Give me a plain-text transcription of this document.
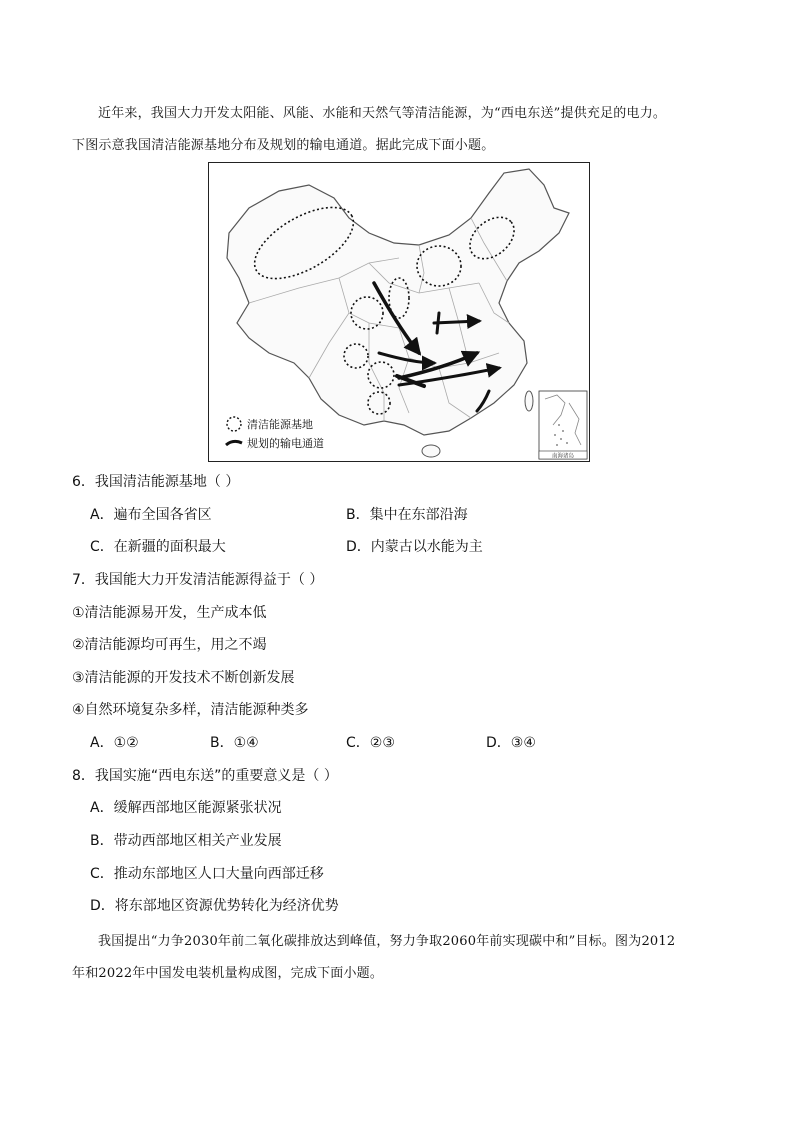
近年来，我国大力开发太阳能、风能、水能和天然气等清洁能源，为“西电东送”提供充足的电力。
下图示意我国清洁能源基地分布及规划的输电通道。据此完成下面小题。
清洁能源基地
规划的输电通道
南海诸岛
6．我国清洁能源基地（ ）
A．遍布全国各省区	B．集中在东部沿海
C．在新疆的面积最大	D．内蒙古以水能为主
7．我国能大力开发清洁能源得益于（ ）
①清洁能源易开发，生产成本低
②清洁能源均可再生，用之不竭
③清洁能源的开发技术不断创新发展
④自然环境复杂多样，清洁能源种类多
A．①②	B．①④	C．②③	D．③④
8．我国实施“西电东送”的重要意义是（ ）
A．缓解西部地区能源紧张状况
B．带动西部地区相关产业发展
C．推动东部地区人口大量向西部迁移
D．将东部地区资源优势转化为经济优势
我国提出“力争2030年前二氧化碳排放达到峰值，努力争取2060年前实现碳中和”目标。图为2012
年和2022年中国发电装机量构成图，完成下面小题。
